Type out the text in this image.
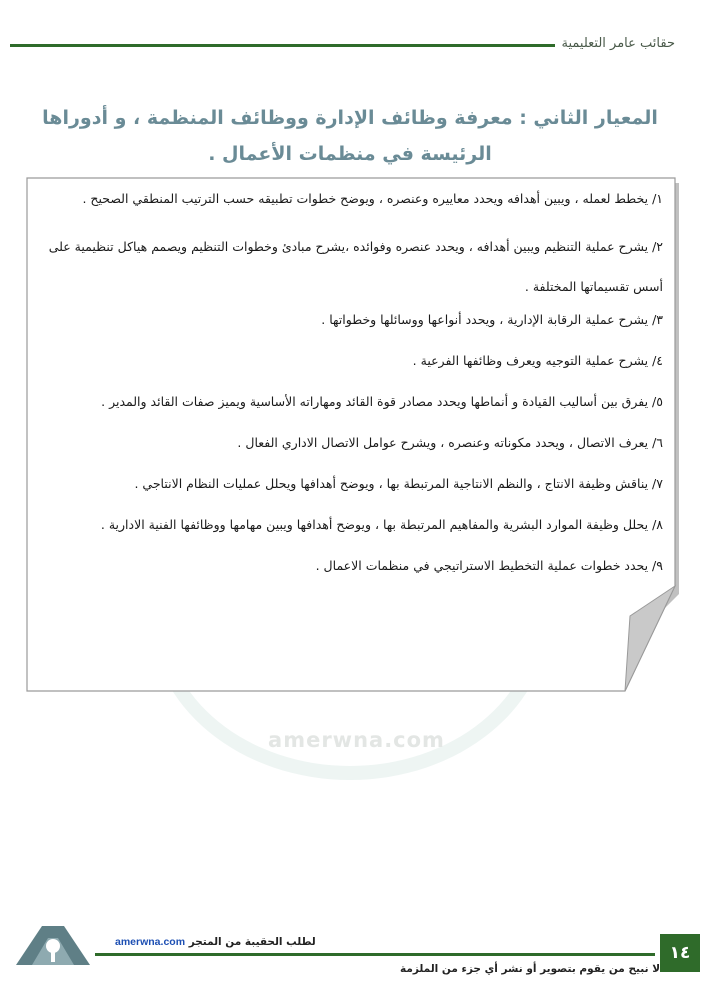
حقائب عامر التعليمية
المعيار الثاني : معرفة وظائف الإدارة ووظائف المنظمة ، و أدوراها الرئيسة في منظمات الأعمال .
amerwna.com
١/ يخطط لعمله ، ويبين أهدافه ويحدد معاييره وعنصره ، ويوضح خطوات تطبيقه حسب الترتيب المنطقي الصحيح .
٢/ يشرح عملية التنظيم ويبين أهدافه ، ويحدد عنصره وفوائده ،يشرح مبادئ وخطوات التنظيم ويصمم هياكل تنظيمية على أسس تقسيماتها المختلفة .
٣/ يشرح عملية الرقابة الإدارية ، ويحدد أنواعها ووسائلها وخطواتها .
٤/ يشرح عملية التوجيه ويعرف وظائفها الفرعية .
٥/ يفرق بين أساليب القيادة و أنماطها ويحدد مصادر قوة القائد ومهاراته الأساسية ويميز صفات القائد والمدير .
٦/ يعرف الاتصال ، ويحدد مكوناته وعنصره ، ويشرح عوامل الاتصال الاداري الفعال .
٧/ يناقش وظيفة الانتاج ، والنظم الانتاجية المرتبطة بها ، ويوضح أهدافها ويحلل عمليات النظام الانتاجي .
٨/ يحلل وظيفة الموارد البشرية والمفاهيم المرتبطة بها ، ويوضح أهدافها ويبين مهامها ووظائفها الفنية الادارية .
٩/ يحدد خطوات عملية التخطيط الاستراتيجي في منظمات الاعمال .
لطلب الحقيبة من المتجر amerwna.com
لا نبيح من يقوم بتصوير أو نشر أي جزء من الملزمة
١٤
